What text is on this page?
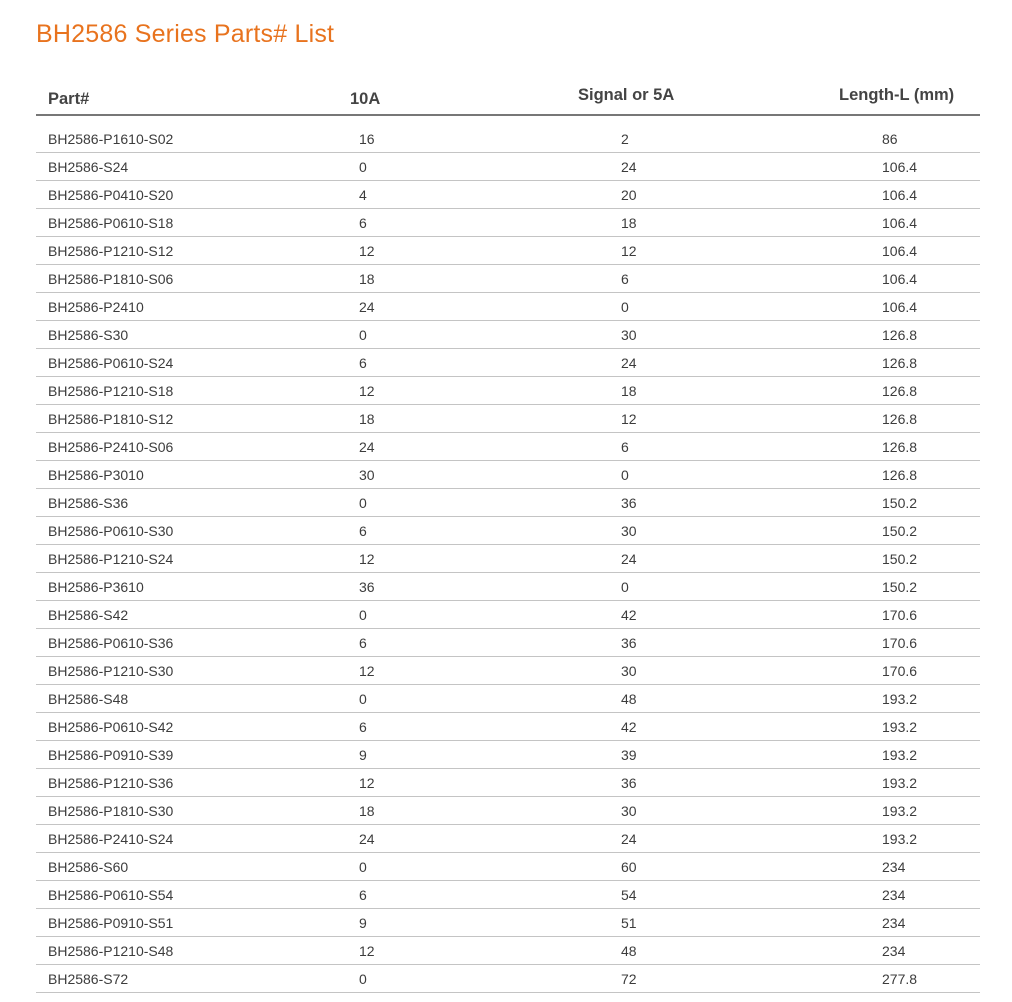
BH2586 Series Parts# List
Part#	10A	Signal or 5A	Length-L (mm)
BH2586-P1610-S02	16	2	86
BH2586-S24	0	24	106.4
BH2586-P0410-S20	4	20	106.4
BH2586-P0610-S18	6	18	106.4
BH2586-P1210-S12	12	12	106.4
BH2586-P1810-S06	18	6	106.4
BH2586-P2410	24	0	106.4
BH2586-S30	0	30	126.8
BH2586-P0610-S24	6	24	126.8
BH2586-P1210-S18	12	18	126.8
BH2586-P1810-S12	18	12	126.8
BH2586-P2410-S06	24	6	126.8
BH2586-P3010	30	0	126.8
BH2586-S36	0	36	150.2
BH2586-P0610-S30	6	30	150.2
BH2586-P1210-S24	12	24	150.2
BH2586-P3610	36	0	150.2
BH2586-S42	0	42	170.6
BH2586-P0610-S36	6	36	170.6
BH2586-P1210-S30	12	30	170.6
BH2586-S48	0	48	193.2
BH2586-P0610-S42	6	42	193.2
BH2586-P0910-S39	9	39	193.2
BH2586-P1210-S36	12	36	193.2
BH2586-P1810-S30	18	30	193.2
BH2586-P2410-S24	24	24	193.2
BH2586-S60	0	60	234
BH2586-P0610-S54	6	54	234
BH2586-P0910-S51	9	51	234
BH2586-P1210-S48	12	48	234
BH2586-S72	0	72	277.8
